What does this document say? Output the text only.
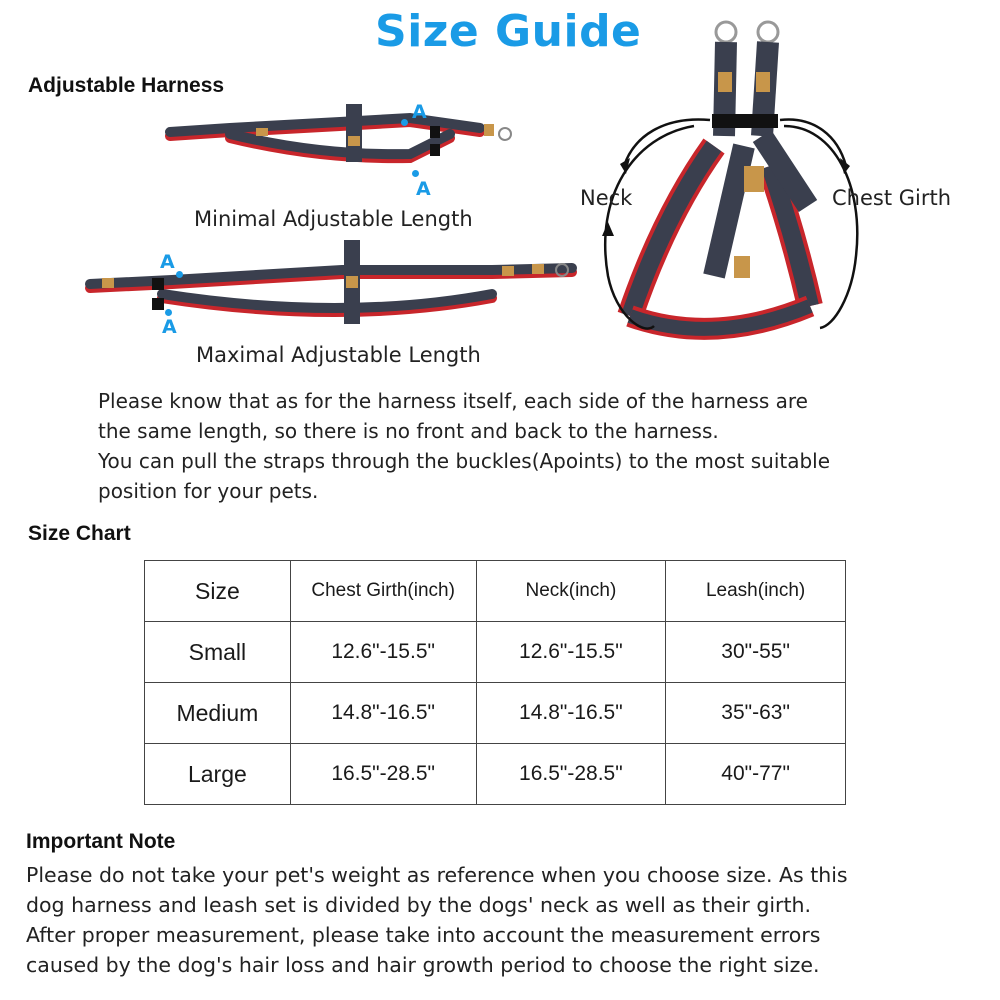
Size Guide
Adjustable Harness
A
A
Minimal Adjustable Length
A
A
Maximal Adjustable Length
Neck	Chest Girth
Please know that as for the harness itself, each side of the harness are
the same length, so there is no front and back to the harness.
You can pull the straps through the buckles(Apoints) to the most suitable
position for your pets.
Size Chart
Size	Chest Girth(inch)	Neck(inch)	Leash(inch)
Small	12.6"-15.5"	12.6"-15.5"	30"-55"
Medium	14.8"-16.5"	14.8"-16.5"	35"-63"
Large	16.5"-28.5"	16.5"-28.5"	40"-77"
Important Note
Please do not take your pet's weight as reference when you choose size. As this
dog harness and leash set is divided by the dogs' neck as well as their girth.
After proper measurement, please take into account the measurement errors
caused by the dog's hair loss and hair growth period to choose the right size.
